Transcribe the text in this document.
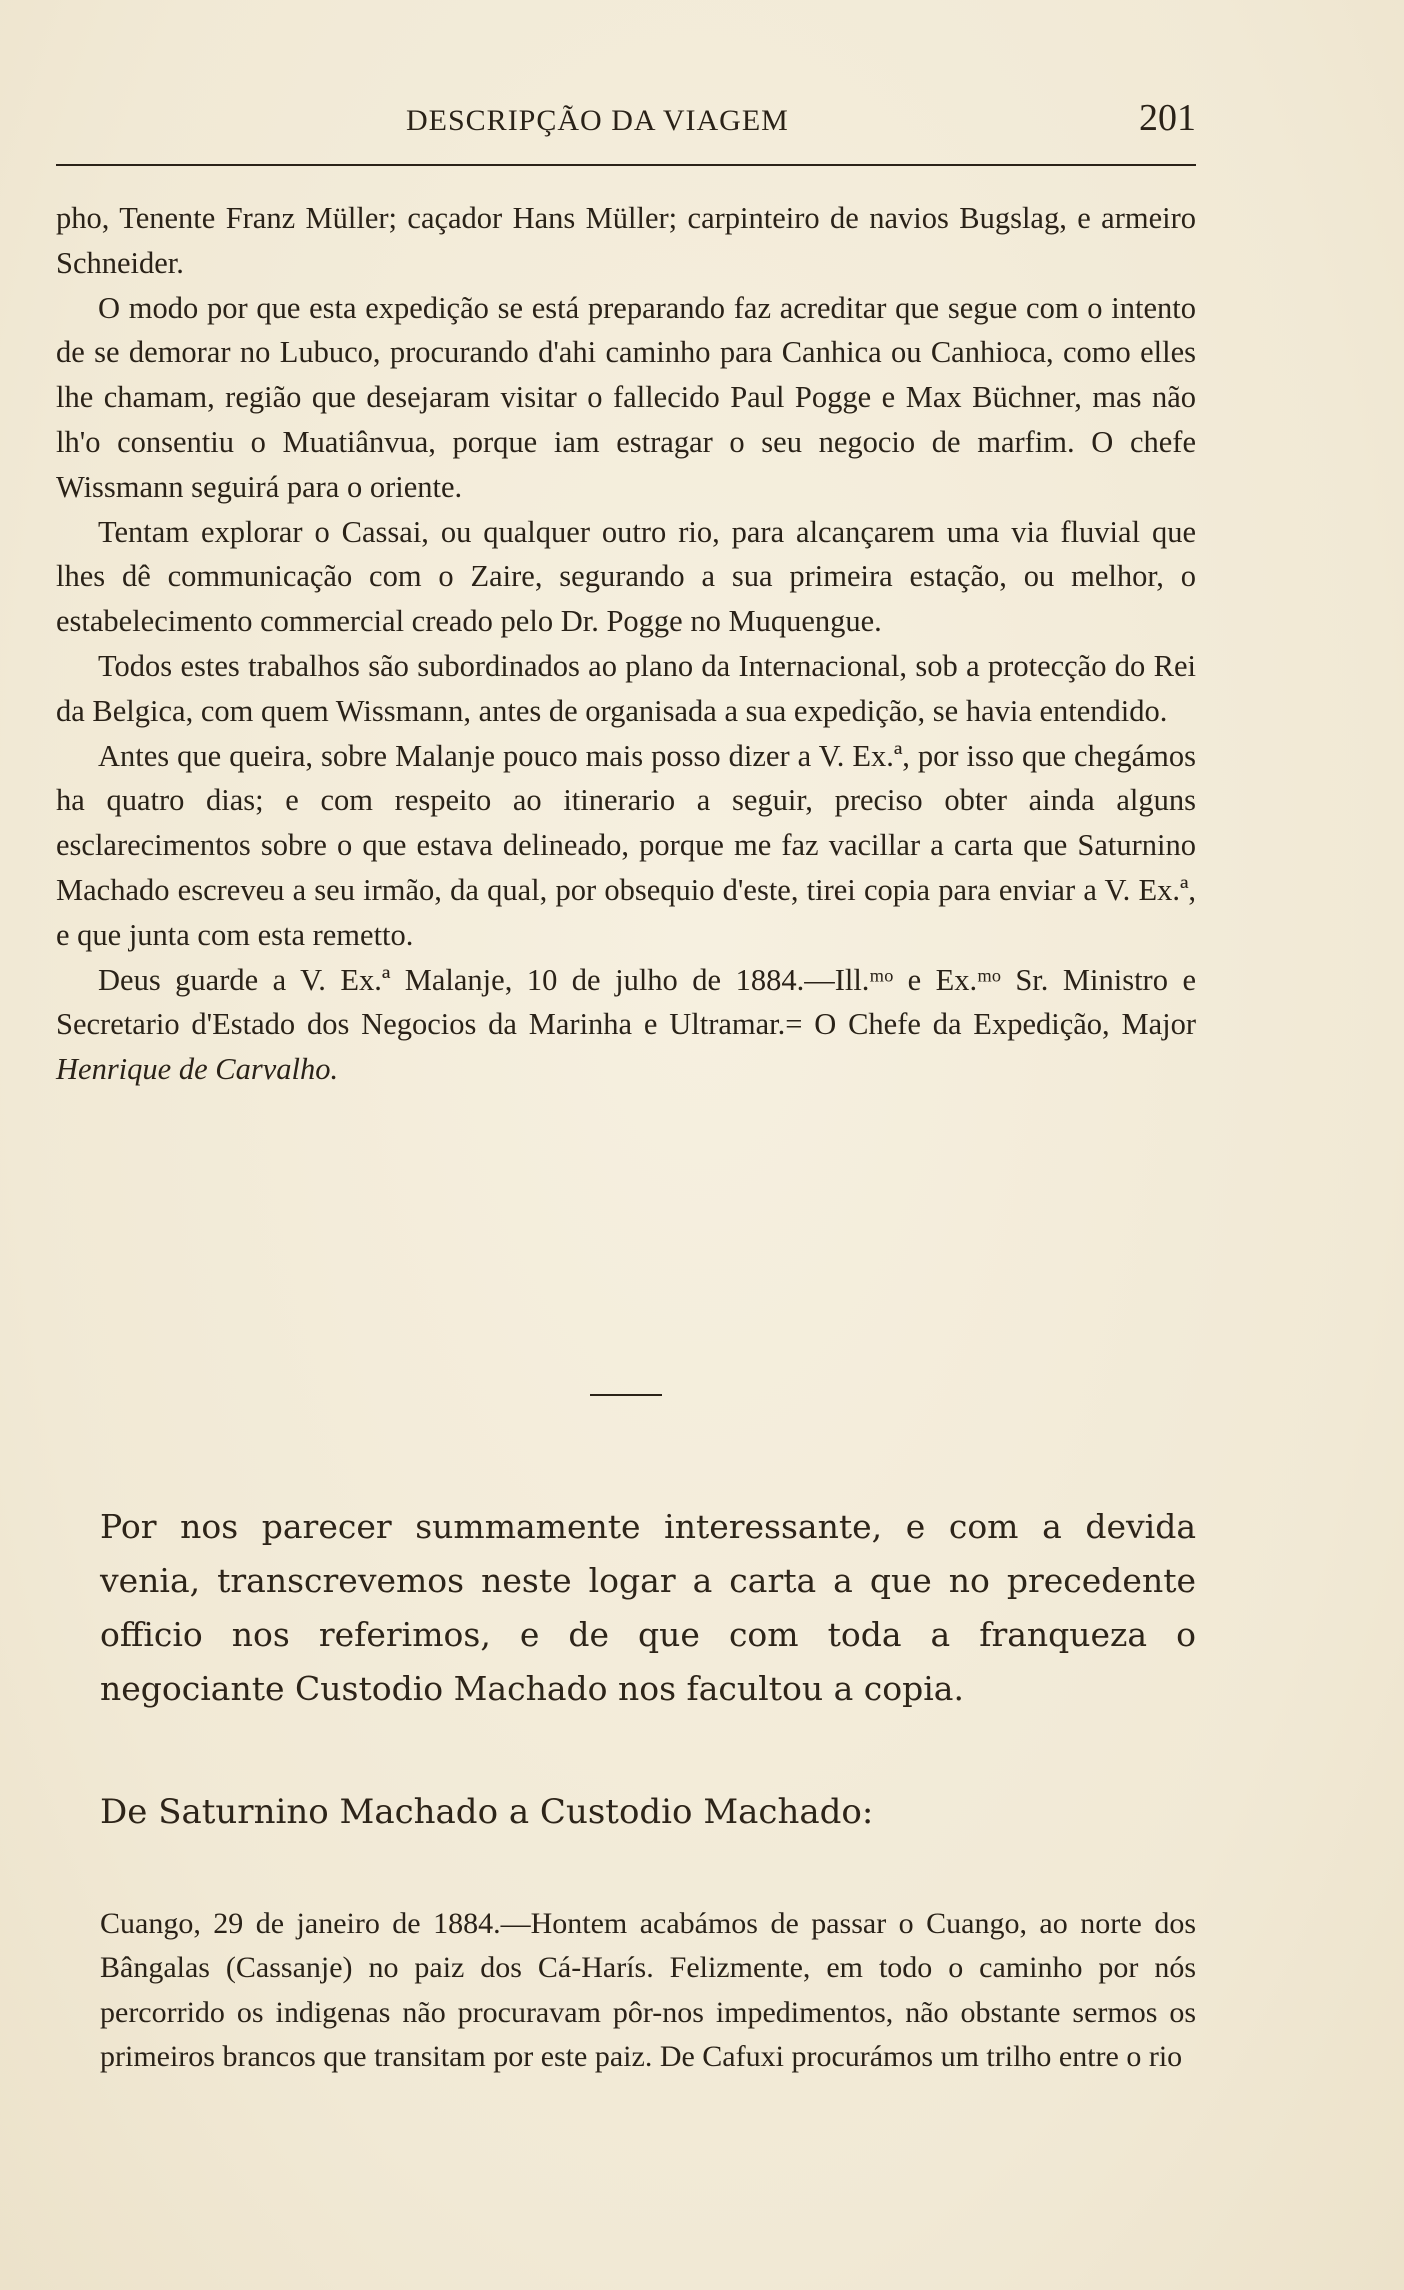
DESCRIPÇÃO DA VIAGEM	201

pho, Tenente Franz Müller; caçador Hans Müller; carpinteiro de navios Bugslag, e armeiro Schneider.

O modo por que esta expedição se está preparando faz acreditar que segue com o intento de se demorar no Lubuco, procurando d'ahi caminho para Canhica ou Canhioca, como elles lhe chamam, região que desejaram visitar o fallecido Paul Pogge e Max Büchner, mas não lh'o consentiu o Muatiânvua, porque iam estragar o seu negocio de marfim. O chefe Wissmann seguirá para o oriente.

Tentam explorar o Cassai, ou qualquer outro rio, para alcançarem uma via fluvial que lhes dê communicação com o Zaire, segurando a sua primeira estação, ou melhor, o estabelecimento commercial creado pelo Dr. Pogge no Muquengue.

Todos estes trabalhos são subordinados ao plano da Internacional, sob a protecção do Rei da Belgica, com quem Wissmann, antes de organisada a sua expedição, se havia entendido.

Antes que queira, sobre Malanje pouco mais posso dizer a V. Ex.ª, por isso que chegámos ha quatro dias; e com respeito ao itinerario a seguir, preciso obter ainda alguns esclarecimentos sobre o que estava delineado, porque me faz vacillar a carta que Saturnino Machado escreveu a seu irmão, da qual, por obsequio d'este, tirei copia para enviar a V. Ex.ª, e que junta com esta remetto.

Deus guarde a V. Ex.ª Malanje, 10 de julho de 1884.—Ill.ᵐᵒ e Ex.ᵐᵒ Sr. Ministro e Secretario d'Estado dos Negocios da Marinha e Ultramar.= O Chefe da Expedição, Major Henrique de Carvalho.

Por nos parecer summamente interessante, e com a devida venia, transcrevemos neste logar a carta a que no precedente officio nos referimos, e de que com toda a franqueza o negociante Custodio Machado nos facultou a copia.

De Saturnino Machado a Custodio Machado:

Cuango, 29 de janeiro de 1884.—Hontem acabámos de passar o Cuango, ao norte dos Bângalas (Cassanje) no paiz dos Cá-Harís. Felizmente, em todo o caminho por nós percorrido os indigenas não procuravam pôr-nos impedimentos, não obstante sermos os primeiros brancos que transitam por este paiz. De Cafuxi procurámos um trilho entre o rio
